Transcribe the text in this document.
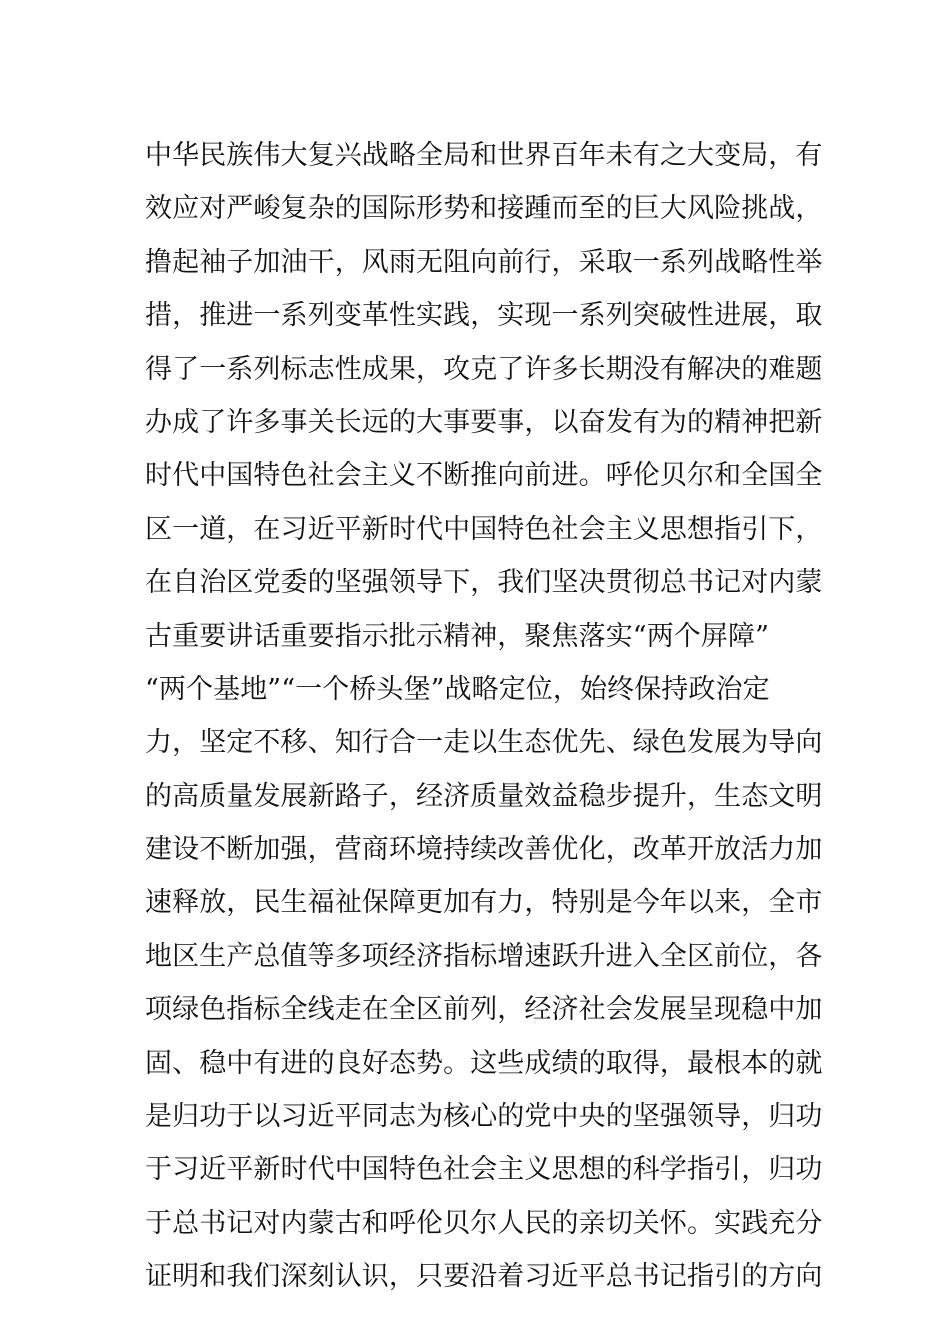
中华民族伟大复兴战略全局和世界百年未有之大变局，有
效应对严峻复杂的国际形势和接踵而至的巨大风险挑战，
撸起袖子加油干，风雨无阻向前行，采取一系列战略性举
措，推进一系列变革性实践，实现一系列突破性进展，取
得了一系列标志性成果，攻克了许多长期没有解决的难题
办成了许多事关长远的大事要事，以奋发有为的精神把新
时代中国特色社会主义不断推向前进。呼伦贝尔和全国全
区一道，在习近平新时代中国特色社会主义思想指引下，
在自治区党委的坚强领导下，我们坚决贯彻总书记对内蒙
古重要讲话重要指示批示精神，聚焦落实“两个屏障”
“两个基地”“一个桥头堡”战略定位，始终保持政治定
力，坚定不移、知行合一走以生态优先、绿色发展为导向
的高质量发展新路子，经济质量效益稳步提升，生态文明
建设不断加强，营商环境持续改善优化，改革开放活力加
速释放，民生福祉保障更加有力，特别是今年以来，全市
地区生产总值等多项经济指标增速跃升进入全区前位，各
项绿色指标全线走在全区前列，经济社会发展呈现稳中加
固、稳中有进的良好态势。这些成绩的取得，最根本的就
是归功于以习近平同志为核心的党中央的坚强领导，归功
于习近平新时代中国特色社会主义思想的科学指引，归功
于总书记对内蒙古和呼伦贝尔人民的亲切关怀。实践充分
证明和我们深刻认识，只要沿着习近平总书记指引的方向
